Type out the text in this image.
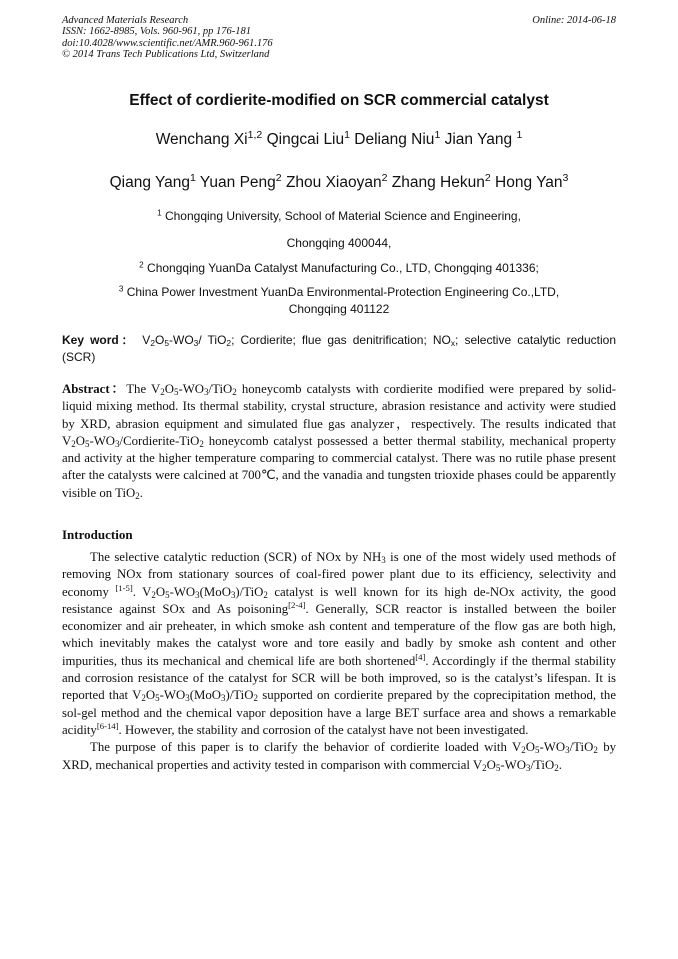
Advanced Materials Research
ISSN: 1662-8985, Vols. 960-961, pp 176-181
doi:10.4028/www.scientific.net/AMR.960-961.176
© 2014 Trans Tech Publications Ltd, Switzerland
Online: 2014-06-18
Effect of cordierite-modified on SCR commercial catalyst
Wenchang Xi$^{1,2}$ Qingcai Liu$^1$ Deliang Niu$^1$ Jian Yang $^1$
Qiang Yang$^1$ Yuan Peng$^2$ Zhou Xiaoyan$^2$ Zhang Hekun$^2$ Hong Yan$^3$
$^1$ Chongqing University, School of Material Science and Engineering,
Chongqing 400044,
$^2$ Chongqing YuanDa Catalyst Manufacturing Co., LTD, Chongqing 401336;
$^3$ China Power Investment YuanDa Environmental-Protection Engineering Co.,LTD,
Chongqing 401122
Key word： $V_2O_5-WO_3/$ TiO$_2$; Cordierite; flue gas denitrification; $NO_x$; selective catalytic reduction (SCR)
Abstract：The $V_2O_5-WO_3/TiO_2$ honeycomb catalysts with cordierite modified were prepared by solid-liquid mixing method. Its thermal stability, crystal structure, abrasion resistance and activity were studied by XRD, abrasion equipment and simulated flue gas analyzer，respectively. The results indicated that $V_2O_5-WO_3/Cordierite-TiO_2$ honeycomb catalyst possessed a better thermal stability, mechanical property and activity at the higher temperature comparing to commercial catalyst. There was no rutile phase present after the catalysts were calcined at 700℃, and the vanadia and tungsten trioxide phases could be apparently visible on TiO$_2$.
Introduction

The selective catalytic reduction (SCR) of NOx by $NH_3$ is one of the most widely used methods of removing NOx from stationary sources of coal-fired power plant due to its efficiency, selectivity and economy [1-5]. $V_2O_5-WO_3(MoO_3)/TiO_2$ catalyst is well known for its high de-NOx activity, the good resistance against SOx and As poisoning[2-4]. Generally, SCR reactor is installed between the boiler economizer and air preheater, in which smoke ash content and temperature of the flow gas are both high, which inevitably makes the catalyst wore and tore easily and badly by smoke ash content and other impurities, thus its mechanical and chemical life are both shortened[4]. Accordingly if the thermal stability and corrosion resistance of the catalyst for SCR will be both improved, so is the catalyst’s lifespan. It is reported that $V_2O_5-WO_3(MoO_3)/TiO_2$ supported on cordierite prepared by the coprecipitation method, the sol-gel method and the chemical vapor deposition have a large BET surface area and shows a remarkable acidity[6-14]. However, the stability and corrosion of the catalyst have not been investigated.

The purpose of this paper is to clarify the behavior of cordierite loaded with $V_2O_5-WO_3/TiO_2$ by XRD, mechanical properties and activity tested in comparison with commercial $V_2O_5-WO_3/TiO_2$.
